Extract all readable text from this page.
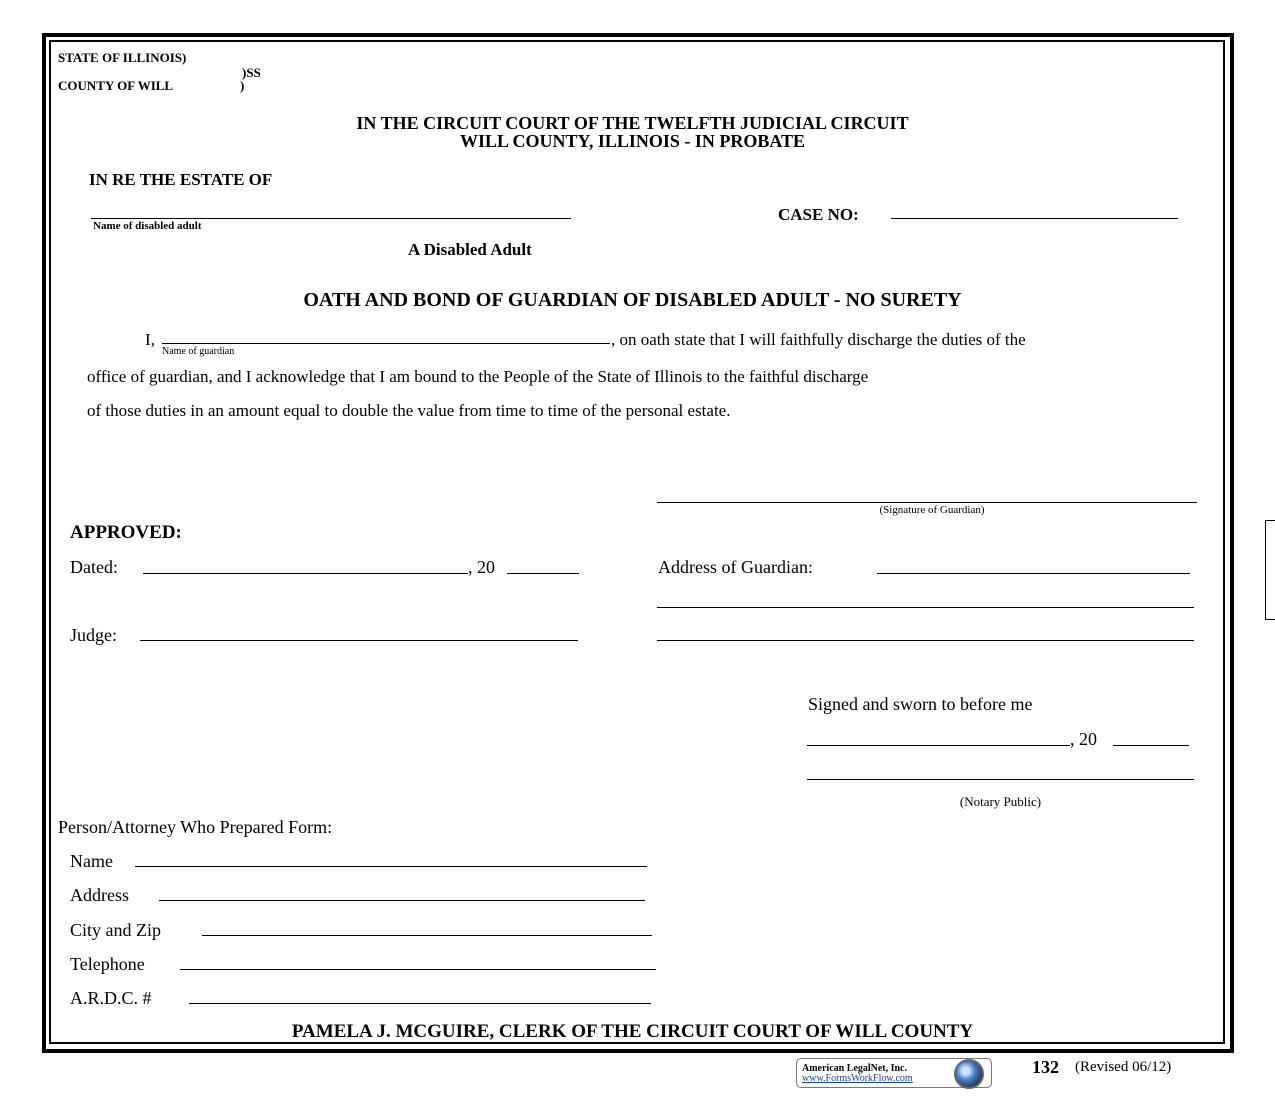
STATE OF ILLINOIS)
)SS
COUNTY OF WILL	)
IN THE CIRCUIT COURT OF THE TWELFTH JUDICIAL CIRCUIT
WILL COUNTY, ILLINOIS - IN PROBATE
IN RE THE ESTATE OF
Name of disabled adult
CASE NO:
A Disabled Adult
OATH AND BOND OF GUARDIAN OF DISABLED ADULT - NO SURETY
I,
Name of guardian
, on oath state that I will faithfully discharge the duties of the
office of guardian, and I acknowledge that I am bound to the People of the State of Illinois to the faithful discharge
of those duties in an amount equal to double the value from time to time of the personal estate.
(Signature of Guardian)
APPROVED:
Dated:	, 20
Judge:
Address of Guardian:
Signed and sworn to before me
, 20
(Notary Public)
Person/Attorney Who Prepared Form:
Name
Address
City and Zip
Telephone
A.R.D.C. #
PAMELA J. MCGUIRE, CLERK OF THE CIRCUIT COURT OF WILL COUNTY
American LegalNet, Inc.
www.FormsWorkFlow.com
132 (Revised 06/12)
